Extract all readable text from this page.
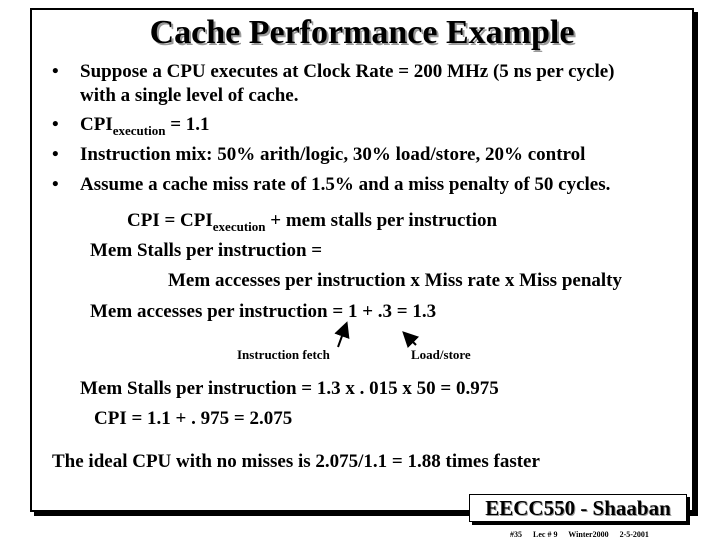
Cache Performance Example
• Suppose a CPU executes at Clock Rate = 200 MHz (5 ns per cycle)
with a single level of cache.
• $CPI_{execution} = 1.1$
• Instruction mix: 50% arith/logic, 30% load/store, 20% control
• Assume a cache miss rate of 1.5% and a miss penalty of 50 cycles.
CPI = $CPI_{execution}$ + mem stalls per instruction
Mem Stalls per instruction =
Mem accesses per instruction x Miss rate x Miss penalty
Mem accesses per instruction = 1 + .3 = 1.3
Instruction fetch	Load/store
Mem Stalls per instruction = 1.3 x . 015 x 50 = 0.975
CPI = 1.1 + . 975 = 2.075
The ideal CPU with no misses is 2.075/1.1 = 1.88 times faster
EECC550 - Shaaban
#35 Lec # 9 Winter2000 2-5-2001
